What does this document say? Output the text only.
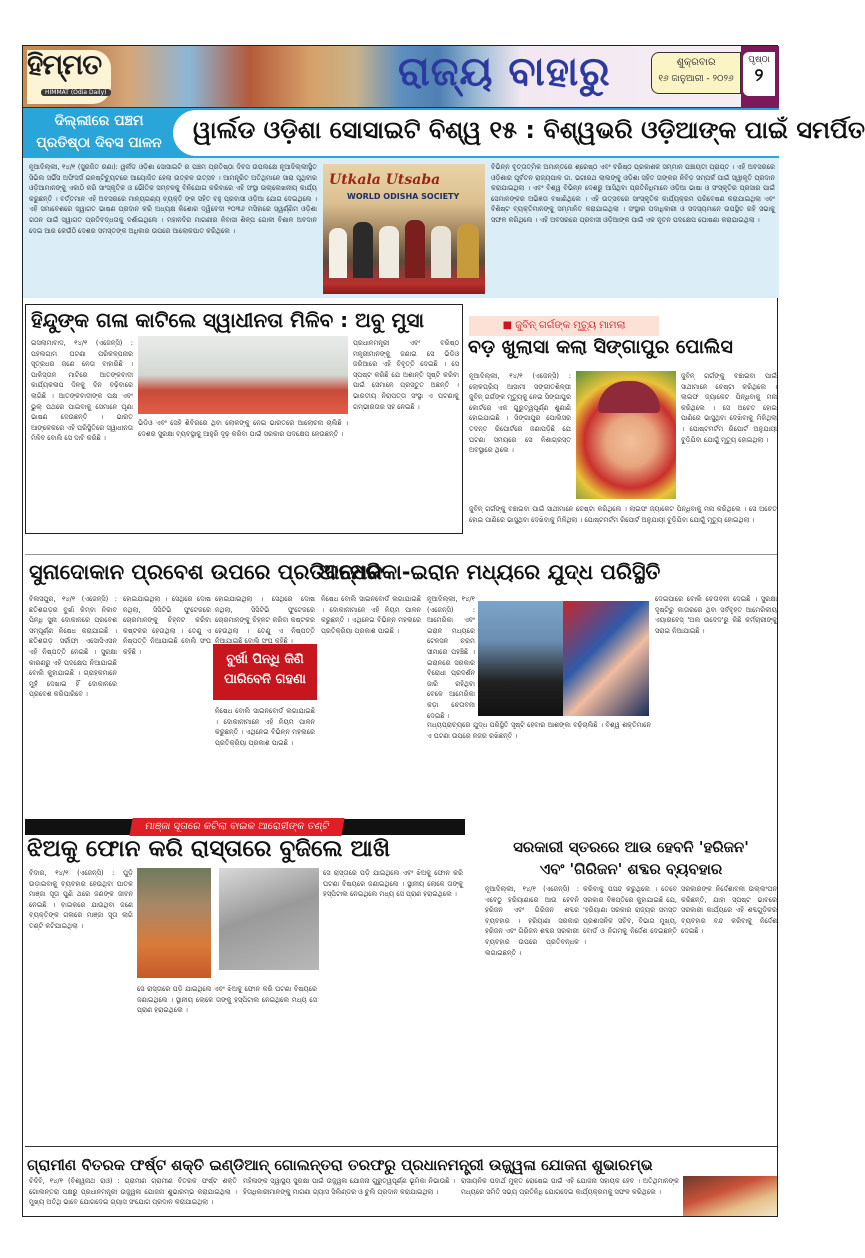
ହିମ୍ମତ
HIMMAT (Odia Daily)	ରାଜ୍ୟ ବାହାରୁ	ଶୁକ୍ରବାର
୧୬ ଜାନୁଆରୀ - ୨୦୨୬
ପୃଷ୍ଠା
୨
ଦିଲ୍ଲୀରେ ପଞ୍ଚମ
ପ୍ରତିଷ୍ଠା ଦିବସ ପାଳନ	ୱାର୍ଲଡ ଓଡ଼ିଶା ସୋସାଇଟି ବିଶ୍ୱ ୧୫ : ବିଶ୍ୱଭରି ଓଡ଼ିଆଙ୍କ ପାଇଁ ସମର୍ପିତ
ନୂଆଦିଲ୍ଲୀ, ୧୪/୧ (ସୁରଜିତ ରଣା): ୱର୍ଲଡ ଓଡ଼ିଶା ସୋସାଇଟି ର ପଞ୍ଚମ ପ୍ରତିଷ୍ଠା ଦିବସ ଉପଲକ୍ଷେ ନୂଆଦିଲ୍ଲୀସ୍ଥିତ ସିଭିଲ ସର୍ଭିସ ଅଫିସର୍ସ ଇନଷ୍ଟିଚ୍ୟୁଟରେ ଆୟୋଜିତ ହେଲା ଉତ୍କଳ ଉତ୍ସବ । ଆମନ୍ତ୍ରିତ ଅତିଥିମାନେ ସାରା ପୃଥିବୀର ଓଡ଼ିଆମାନଙ୍କୁ ଏକାଠି କରି ସାଂସ୍କୃତିକ ଓ ଭୌତିକ ସମ୍ବଳକୁ ବିନିଯୋଗ କରିବାରେ ଏହି ସଂସ୍ଥା ଉଲ୍ଲେଖନୀୟ କାର୍ଯ୍ୟ କରୁଛନ୍ତି । ବର୍ତ୍ତମାନ ଏହି ଅବସରରେ ମାନ୍ୟଗଣ୍ୟ ବ୍ୟକ୍ତି ଙ୍କ ସହିତ ବହୁ ପ୍ରବାସୀ ଓଡ଼ିଆ ଯୋଗ ଦେଇଥିଲେ । ଏହି ସମାବେଶରେ ସ୍ୱାଗତ ଭାଷଣ ପ୍ରଦାନ କରି ଅଧ୍ୟକ୍ଷ କିଶୋର ଦ୍ୱିବେଦୀ ୨୦୩୬ ମସିହାରେ ସ୍ୱର୍ଣ୍ଣିମ ଓଡ଼ିଶା ଗଠନ ପାଇଁ ସ୍ୱାଗତ ପ୍ରତିବଦ୍ଧତାକୁ ଦର୍ଶାଇଥିଲେ । ମହାନଦିର ମାଗଣୀର ନିବାସୀ ଶିଳ୍ପ ଗୋଳୀ ବିଶାଳ ଅବଦାନ ଦେଇ ଆର କେଉଁଠି ଦେଶର ସମସ୍ତଙ୍କ ଅଧିକାର ଉପରେ ଆଲୋକପାତ କରିଥିଲେ ।
Utkala Utsaba
WORLD ODISHA SOCIETY
ବିଭିନ୍ନ ବୃତ୍ତାତ୍ମିକ ଅମାନ୍ତରେ ଶ୍ରେଷ୍ଠ ଏବଂ ବରିଷ୍ଠ ପ୍ରକାଶକ ସମ୍ମାନ ପଞ୍ଚାୟତୀ ପ୍ରାପ୍ତ । ଏହି ଅବସରରେ ଓଡ଼ିଶାର ପୂର୍ବତନ ରାଜ୍ୟପାଳ ଡା. ଭଗୀରଥ ଲାଲଙ୍କୁ ଓଡ଼ିଶା ସହିତ ତାଙ୍କର ନିବିଡ଼ ସମ୍ପର୍କ ପାଇଁ ସ୍ୱୀକୃତି ପ୍ରଦାନ କରାଯାଇଥିଲା । ଏବଂ ବିଶ୍ୱ ବିଭିନ୍ନ ଦେଶରୁ ଆସିଥିବା ପ୍ରତିନିଧିମାନେ ଓଡ଼ିଆ ଭାଷା ଓ ସଂସ୍କୃତିର ପ୍ରସାର ପାଇଁ ସେମାନଙ୍କର ଅଭିଜ୍ଞତା ବଖାଣିଥିଲେ । ଏହି ଉତ୍ସବରେ ସାଂସ୍କୃତିକ କାର୍ଯ୍ୟକ୍ରମ ପରିବେଷଣ କରାଯାଇଥିଲା ଏବଂ ବିଶିଷ୍ଟ ବ୍ୟକ୍ତିମାନଙ୍କୁ ସମ୍ମାନିତ କରାଯାଇଥିଲା । ସଂସ୍ଥାର ପଦାଧିକାରୀ ଓ ସଦସ୍ୟମାନେ ଉପସ୍ଥିତ ରହି ସଭାକୁ ସଫଳ କରିଥିଲେ । ଏହି ଅବସରରେ ପ୍ରବାସୀ ଓଡ଼ିଆଙ୍କ ପାଇଁ ଏକ ନୂତନ ପଦକ୍ଷେପ ଘୋଷଣା କରାଯାଇଥିଲା ।
ହିନ୍ଦୁଙ୍କ ଗଳା କାଟିଲେ ସ୍ୱାଧୀନତା ମିଳିବ : ଅବୁ ମୁସା
ଇସଲାମାବାଦ, ୧୪/୧ (ଏଜେନ୍ସି) : ପହଲଗାମ ଘଟଣା ପରିକଳ୍ପନାର ସୂତ୍ରଧର ଜଣେ ନେତା ବାହାରିଛି । ପାକିସ୍ତାନ ମାଟିରେ ଆତଙ୍କବାଦୀ କାର୍ଯ୍ୟକଳାପ ଦିନକୁ ଦିନ ବଢ଼ିବାରେ ଲାଗିଛି । ଆତଙ୍କବାଦୀଙ୍କ ପକ୍ଷ ଏବଂ ଭୁଲ୍ ପଥରେ ପାଇବାକୁ ସେମାନେ ଘୃଣା ଭାଷଣ ଦେଉଛନ୍ତି । ଭାରତ ଆଙ୍କେକରେ ଏହି ପରିସ୍ଥିତିରେ ସ୍ୱାଧୀନତା ମିଳିବ ବୋଲି ସେ ଦାବି କରିଛି ।
ପ୍ରଧାନମନ୍ତ୍ରୀ ଏବଂ ବରିଷ୍ଠ ମନ୍ତ୍ରୀମାନଙ୍କୁ ଜଣାଇ ସେ ଭିଡିଓ ଜରିଆରେ ଏହି ବିବୃତ୍ତି ଦେଇଛି । ସେ ସ୍ପଷ୍ଟ କରିଛି ଯେ ଅଶାନ୍ତି ସୃଷ୍ଟି କରିବା ପାଇଁ ସେମାନେ ପ୍ରସ୍ତୁତ ଅଛନ୍ତି । ଭାରତୀୟ ନିରାପତ୍ତା ସଂସ୍ଥା ଏ ଘଟଣାକୁ ଗମ୍ଭୀରତାର ସହ ନେଇଛି ।
ଭିଡିଓ ଏବଂ ସେହି ଶିବିରରେ ଥିବା ଲୋକଙ୍କୁ ନେଇ ଭାରତରେ ଆଲୋଚନା ଚାଲିଛି । ଦେଶର ସୁରକ୍ଷା ବ୍ୟବସ୍ଥାକୁ ଆହୁରି ଦୃଢ଼ କରିବା ପାଇଁ ସରକାର ପଦକ୍ଷେପ ନେଉଛନ୍ତି ।
■ ଜୁବିନ୍ ଗର୍ଗଙ୍କ ମୃତ୍ୟୁ ମାମଲା
ବଡ଼ ଖୁଲାସା କଲା ସିଙ୍ଗାପୁର ପୋଲିସ
ନୂଆଦିଲ୍ଲୀ, ୧୪/୧ (ଏଜେନ୍ସି) : ଲୋକପ୍ରିୟ ଆସାମୀ ସଙ୍ଗୀତଶିଳ୍ପୀ ଜୁବିନ୍ ଗର୍ଗଙ୍କ ମୃତ୍ୟୁକୁ ନେଇ ସିଙ୍ଗାପୁର କୋର୍ଟରେ ଏକ ଗୁରୁତ୍ୱପୂର୍ଣ୍ଣ ଶୁଣାଣି ହୋଇଯାଇଛି । ସିଙ୍ଗାପୁର ପୋଲିସର ତଦନ୍ତ ରିପୋର୍ଟରେ ଜଣାପଡ଼ିଛି ଯେ ଘଟଣା ସମୟରେ ସେ ନିଶାଗ୍ରସ୍ତ ଅବସ୍ଥାରେ ଥିଲେ ।
ଜୁବିନ୍ ଗର୍ଗଙ୍କୁ ବଞ୍ଚାଇବା ପାଇଁ ସାଥୀମାନେ ଚେଷ୍ଟା କରିଥିଲେ । ଲାଇଫ ଜ୍ୟାକେଟ ପିନ୍ଧିବାକୁ ମନା କରିଥିଲେ । ସେ ଅଚେତ ହୋଇ ପାଣିରେ ଭାସୁଥିବା ଦେଖିବାକୁ ମିଳିଥିଲା । ପୋଷ୍ଟମର୍ଟମ ରିପୋର୍ଟ ଅନୁଯାୟୀ ବୁଡ଼ିଯିବା ଯୋଗୁଁ ମୃତ୍ୟୁ ହୋଇଥିଲା ।
ଜୁବିନ୍ ଗର୍ଗଙ୍କୁ ବଞ୍ଚାଇବା ପାଇଁ ସାଥୀମାନେ ଚେଷ୍ଟା କରିଥିଲେ । ଲାଇଫ ଜ୍ୟାକେଟ ପିନ୍ଧିବାକୁ ମନା କରିଥିଲେ । ସେ ଅଚେତ ହୋଇ ପାଣିରେ ଭାସୁଥିବା ଦେଖିବାକୁ ମିଳିଥିଲା । ପୋଷ୍ଟମର୍ଟମ ରିପୋର୍ଟ ଅନୁଯାୟୀ ବୁଡ଼ିଯିବା ଯୋଗୁଁ ମୃତ୍ୟୁ ହୋଇଥିଲା ।
ସୁନାଦୋକାନ ପ୍ରବେଶ ଉପରେ ପ୍ରତିବନ୍ଧକ
ଆମେରିକା-ଇରାନ ମଧ୍ୟରେ ଯୁଦ୍ଧ ପରିସ୍ଥିତି
ବିଳାସପୁର, ୧୪/୧ (ଏଜେନ୍ସି) : ଛତିଶଗଡ଼ର ବୁର୍ଖା କିମ୍ବା ନିକାବ ପିନ୍ଧି ସୁନା ଦୋକାନରେ ପ୍ରବେଶ ସମ୍ପୂର୍ଣ୍ଣ ନିଷେଧ କରାଯାଇଛି । ଛତିଶଗଡ଼ ସର୍ରାଫା ଏସୋସିଏସନ ଏହି ନିଷ୍ପତ୍ତି ନେଇଛି । ସୁରକ୍ଷା କାରଣରୁ ଏହି ପଦକ୍ଷେପ ନିଆଯାଇଛି ବୋଲି କୁହାଯାଇଛି । ଗ୍ରାହକମାନେ ମୁହଁ ଦେଖାଇ ହିଁ ଦୋକାନରେ ପ୍ରବେଶ କରିପାରିବେ ।
ହୋଇଯାଇଥିଲା । ସେଥିରେ ଦୋଷ ନଥିଲା, ସିସିଟିଭି ଫୁଟେଜରେ ଚୋରମାନଙ୍କୁ ଚିହ୍ନଟ କରିବା କଷ୍ଟକର ହେଉଥିଲା । ତେଣୁ ଏ ନିଷ୍ପତ୍ତି ନିଆଯାଇଛି ବୋଲି ସଂଘ କହିଛି ।
ବୁର୍ଖା ପିନ୍ଧି କିଣି
ପାରିବେନି ଗହଣା
ହୋଇଯାଇଥିଲା । ସେଥିରେ ଦୋଷ ନଥିଲା, ସିସିଟିଭି ଫୁଟେଜରେ ଚୋରମାନଙ୍କୁ ଚିହ୍ନଟ କରିବା କଷ୍ଟକର ହେଉଥିଲା । ତେଣୁ ଏ ନିଷ୍ପତ୍ତି ନିଆଯାଇଛି ବୋଲି ସଂଘ କହିଛି ।
ନିଷେଧ ବୋଲି ସାଇନବୋର୍ଡ ଲଗାଯାଇଛି । ଦୋକାନୀମାନେ ଏହି ନିୟମ ପାଳନ କରୁଛନ୍ତି । ଏଥିନେଇ ବିଭିନ୍ନ ମହଲରେ ପ୍ରତିକ୍ରିୟା ପ୍ରକାଶ ପାଇଛି ।
ନିଷେଧ ବୋଲି ସାଇନବୋର୍ଡ ଲଗାଯାଇଛି । ଦୋକାନୀମାନେ ଏହି ନିୟମ ପାଳନ କରୁଛନ୍ତି । ଏଥିନେଇ ବିଭିନ୍ନ ମହଲରେ ପ୍ରତିକ୍ରିୟା ପ୍ରକାଶ ପାଇଛି ।
ନୂଆଦିଲ୍ଲୀ, ୧୪/୧ (ଏଜେନ୍ସି) : ଆମେରିକା ଏବଂ ଇରାନ ମଧ୍ୟରେ ଟେନସନ ଚରମ ସୀମାରେ ପହଞ୍ଚିଛି । ଇରାନରେ ସରକାର ବିରୋଧୀ ପ୍ରଦର୍ଶନ ଜାରି ରହିଥିବା ବେଳେ ଆମେରିକା କଡ଼ା ଚେତାବନୀ ଦେଇଛି ।
ଦେଇପାରେ ବୋଲି ଚେତାବନୀ ଦେଇଛି । ସୁରକ୍ଷା ଦୃଷ୍ଟିରୁ କାତାରରେ ଥିବା ସର୍ବବୃହତ ଆମେରିକୀୟ ଏୟାରବେସ୍ 'ଅଲ ଉଦେଦ'ରୁ କିଛି କର୍ମଚାରୀଙ୍କୁ ସରାଇ ନିଆଯାଇଛି ।
ମଧ୍ୟପ୍ରାଚ୍ୟରେ ଯୁଦ୍ଧ ପରିସ୍ଥିତି ସୃଷ୍ଟି ହେବାର ଆଶଙ୍କା ବଢ଼ିଚାଲିଛି । ବିଶ୍ୱ ଶକ୍ତିମାନେ ଏ ଘଟଣା ଉପରେ ନଜର ରଖିଛନ୍ତି ।
ମାଞ୍ଜା ସୂତାରେ କଟିଲା ବାଇକ ଆରୋହୀଙ୍କ ତଣ୍ଟି
ଝିଅକୁ ଫୋନ କରି ରାସ୍ତାରେ ବୁଜିଲେ ଆଖି
ବିଦାର, ୧୪/୧ (ଏଜେନ୍ସି) : ଘୁଡ଼ି ଉଡ଼ାଇବାକୁ ବ୍ୟବହାର ହେଉଥିବା ଘାତକ ମାଞ୍ଜା ସୂତା ପୁଣି ଥରେ ଜଣଙ୍କ ଜୀବନ ନେଇଛି । ବାଇକରେ ଯାଉଥିବା ଜଣେ ବ୍ୟକ୍ତିଙ୍କ ଗଳାରେ ମାଞ୍ଜା ସୂତା ଲାଗି ତଣ୍ଟି କଟିଯାଇଥିଲା ।
ସେ ରାସ୍ତାରେ ପଡ଼ି ଯାଇଥିଲେ ଏବଂ ଝିଅକୁ ଫୋନ କରି ଘଟଣା ବିଷୟରେ ଜଣାଇଥିଲେ । ସ୍ଥାନୀୟ ଲୋକେ ତାଙ୍କୁ ହସ୍ପିଟାଲ ନେଇଥିଲେ ମଧ୍ୟ ସେ ପ୍ରାଣ ହରାଇଥିଲେ ।
ସେ ରାସ୍ତାରେ ପଡ଼ି ଯାଇଥିଲେ ଏବଂ ଝିଅକୁ ଫୋନ କରି ଘଟଣା ବିଷୟରେ ଜଣାଇଥିଲେ । ସ୍ଥାନୀୟ ଲୋକେ ତାଙ୍କୁ ହସ୍ପିଟାଲ ନେଇଥିଲେ ମଧ୍ୟ ସେ ପ୍ରାଣ ହରାଇଥିଲେ ।
ସରକାରୀ ସ୍ତରରେ ଆଉ ହେବନି 'ହରିଜନ'
ଏବଂ 'ଗିରିଜନ' ଶବ୍ଦର ବ୍ୟବହାର
ନୂଆଦିଲ୍ଲୀ, ୧୪/୧ (ଏଜେନ୍ସି) : ଏବେଠୁ ହରିୟାଣାରେ ଆଉ ହେବନି ହରିଜନ ଏବଂ ଗିରିଜନ ଶବ୍ଦର ବ୍ୟବହାର । ହରିୟାଣା ସରକାର ହରିଜନ ଏବଂ ଗିରିଜନ ଶବ୍ଦର ସରକାରୀ ବ୍ୟବହାର ଉପରେ ପ୍ରତିବନ୍ଧକ ଲଗାଇଛନ୍ତି ।
କରିବାକୁ ପସନ୍ଦ କରୁଥିଲେ । ତେବେ ସରକାର ବିଜ୍ଞପ୍ତିରେ କୁହାଯାଇଛି ଯେ, 'ହରିୟାଣା ସରକାର ରାଜ୍ୟର ସମସ୍ତ ପ୍ରଶାସନିକ ସଚିବ, ବିଭାଗ ମୁଖ୍ୟ, ବୋର୍ଡ ଓ ନିଗମକୁ ନିର୍ଦ୍ଦେଶ ଦେଇଛନ୍ତି ।
ସରକାରଙ୍କ ନିର୍ଦ୍ଦେଶାବଳୀ ଉଲ୍ଲଂଘନ କରିଛନ୍ତି, ଯାହା ସ୍ପଷ୍ଟ ଭାବରେ ସରକାରୀ କାର୍ଯ୍ୟରେ ଏହି ଶବ୍ଦଗୁଡ଼ିକର ବ୍ୟବହାର ବନ୍ଦ କରିବାକୁ ନିର୍ଦ୍ଦେଶ ଦେଇଛି ।
ଗ୍ରାମୀଣ ବିତରକ ଫର୍ଷ୍ଟ ଶକ୍ତି ଇଣ୍ଡିଆନ୍ ଗୋଲନ୍ତରା ତରଫରୁ ପ୍ରଧାନମନ୍ତ୍ରୀ ଉଜ୍ଜ୍ୱଳା ଯୋଜନା ଶୁଭାରମ୍ଭ
ଚିଦିବି, ୧୪/୧ (ବିଶ୍ୱନାଥ ରାଓ) : ଗ୍ରାମୀଣ ଗ୍ରାମୀଣ ବିତରକ ଫର୍ଷ୍ଟ ଶକ୍ତି ଗୋଲନ୍ତରା ପକ୍ଷରୁ ପ୍ରଧାନମନ୍ତ୍ରୀ ଉଜ୍ଜ୍ୱଳା ଯୋଜନା ଶୁଭାରମ୍ଭ କରାଯାଇଥିଲା । ମୁଖ୍ୟ ଅତିଥି ଭାବେ ଯୋଗଦେଇ ଗ୍ୟାସ ସଂଯୋଗ ପ୍ରଦାନ କରାଯାଇଥିଲା ।
ମହିଳାଙ୍କ ସ୍ୱାସ୍ଥ୍ୟ ସୁରକ୍ଷା ପାଇଁ ଉଜ୍ଜ୍ୱଳା ଯୋଜନା ଗୁରୁତ୍ୱପୂର୍ଣ୍ଣ ଭୂମିକା ନିଭାଉଛି । ହିତାଧିକାରୀମାନଙ୍କୁ ମାଗଣା ଗ୍ୟାସ ସିଲିଣ୍ଡର ଓ ଚୁଲି ପ୍ରଦାନ କରାଯାଇଥିଲା ।
ରାସାୟନିକ ପଦାର୍ଥ ମୁକ୍ତ ରୋଷେଇ ପାଇଁ ଏହି ଯୋଜନା ସହାୟକ ହେବ । ଅତିଥିମାନଙ୍କ ମଧ୍ୟରେ ସମିତି ସଭ୍ୟ ପ୍ରତିନିଧି ଯୋଗଦେଇ କାର୍ଯ୍ୟକ୍ରମକୁ ସଫଳ କରିଥିଲେ ।
